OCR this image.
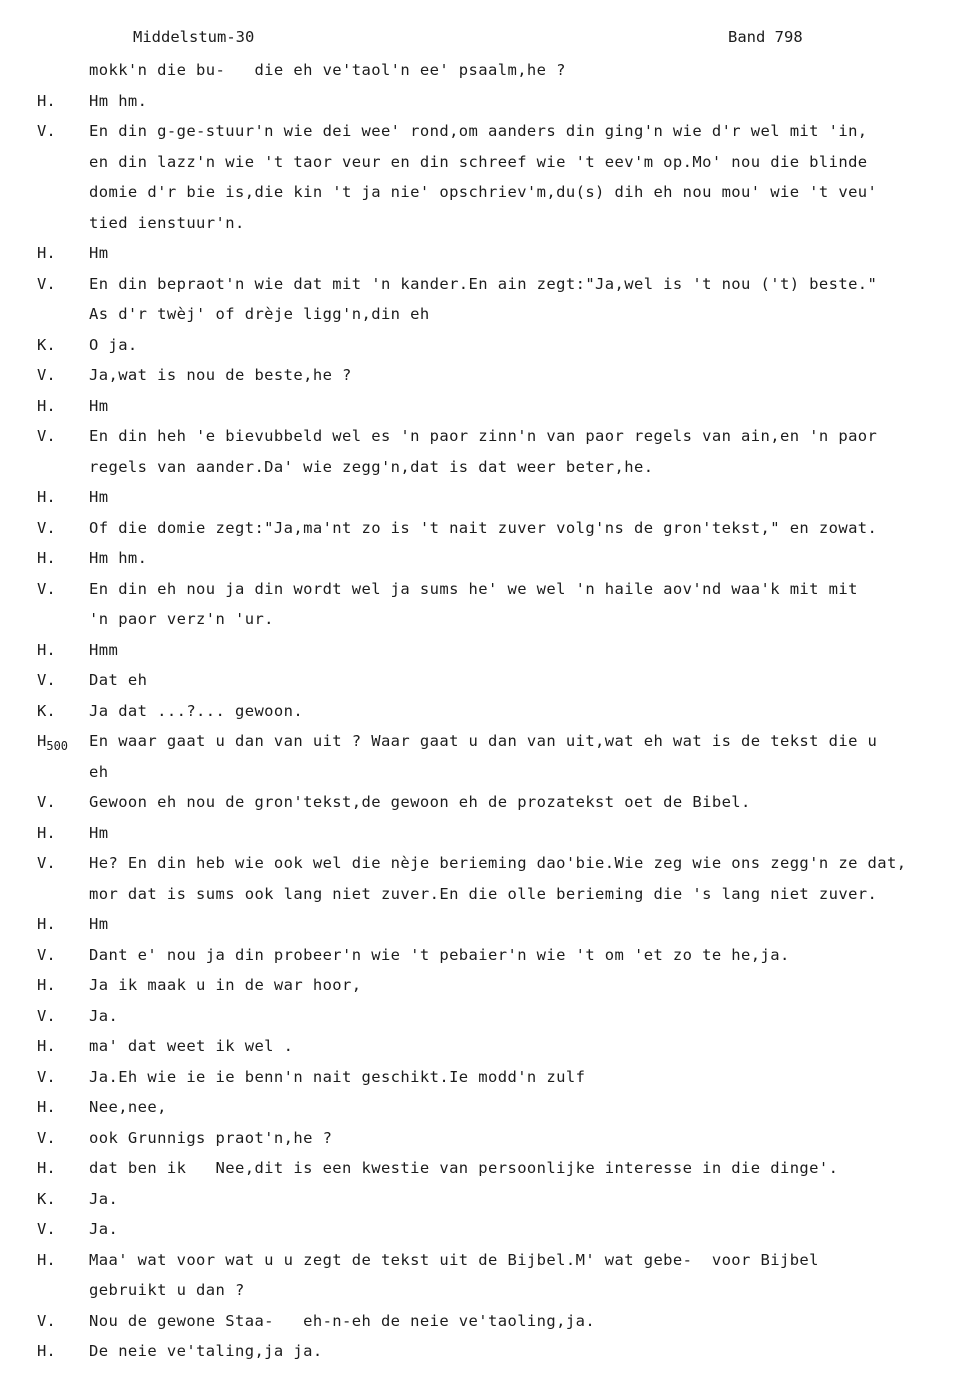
Middelstum-30	Band 798
mokk'n die bu-   die eh ve'taol'n ee' psaalm,he ?
H. Hm hm.
V. En din g-ge-stuur'n wie dei wee' rond,om aanders din ging'n wie d'r wel mit 'in,
en din lazz'n wie 't taor veur en din schreef wie 't eev'm op.Mo' nou die blinde
domie d'r bie is,die kin 't ja nie' opschriev'm,du(s) dih eh nou mou' wie 't veu'
tied ienstuur'n.
H. Hm
V. En din bepraot'n wie dat mit 'n kander.En ain zegt:"Ja,wel is 't nou ('t) beste."
As d'r twèj' of drèje ligg'n,din eh
K. O ja.
V. Ja,wat is nou de beste,he ?
H. Hm
V. En din heh 'e bievubbeld wel es 'n paor zinn'n van paor regels van ain,en 'n paor
regels van aander.Da' wie zegg'n,dat is dat weer beter,he.
H. Hm
V. Of die domie zegt:"Ja,ma'nt zo is 't nait zuver volg'ns de gron'tekst," en zowat.
H. Hm hm.
V. En din eh nou ja din wordt wel ja sums he' we wel 'n haile aov'nd waa'k mit mit
'n paor verz'n 'ur.
H. Hmm
V. Dat eh
K. Ja dat ...?... gewoon.
$H_{500}$ En waar gaat u dan van uit ? Waar gaat u dan van uit,wat eh wat is de tekst die u
eh
V. Gewoon eh nou de gron'tekst,de gewoon eh de prozatekst oet de Bibel.
H. Hm
V. He? En din heb wie ook wel die nèje berieming dao'bie.Wie zeg wie ons zegg'n ze dat,
mor dat is sums ook lang niet zuver.En die olle berieming die 's lang niet zuver.
H. Hm
V. Dant e' nou ja din probeer'n wie 't pebaier'n wie 't om 'et zo te he,ja.
H. Ja ik maak u in de war hoor,
V. Ja.
H. ma' dat weet ik wel .
V. Ja.Eh wie ie ie benn'n nait geschikt.Ie modd'n zulf
H. Nee,nee,
V. ook Grunnigs praot'n,he ?
H. dat ben ik   Nee,dit is een kwestie van persoonlijke interesse in die dinge'.
K. Ja.
V. Ja.
H. Maa' wat voor wat u u zegt de tekst uit de Bijbel.M' wat gebe-  voor Bijbel
gebruikt u dan ?
V. Nou de gewone Staa-   eh-n-eh de neie ve'taoling,ja.
H. De neie ve'taling,ja ja.
